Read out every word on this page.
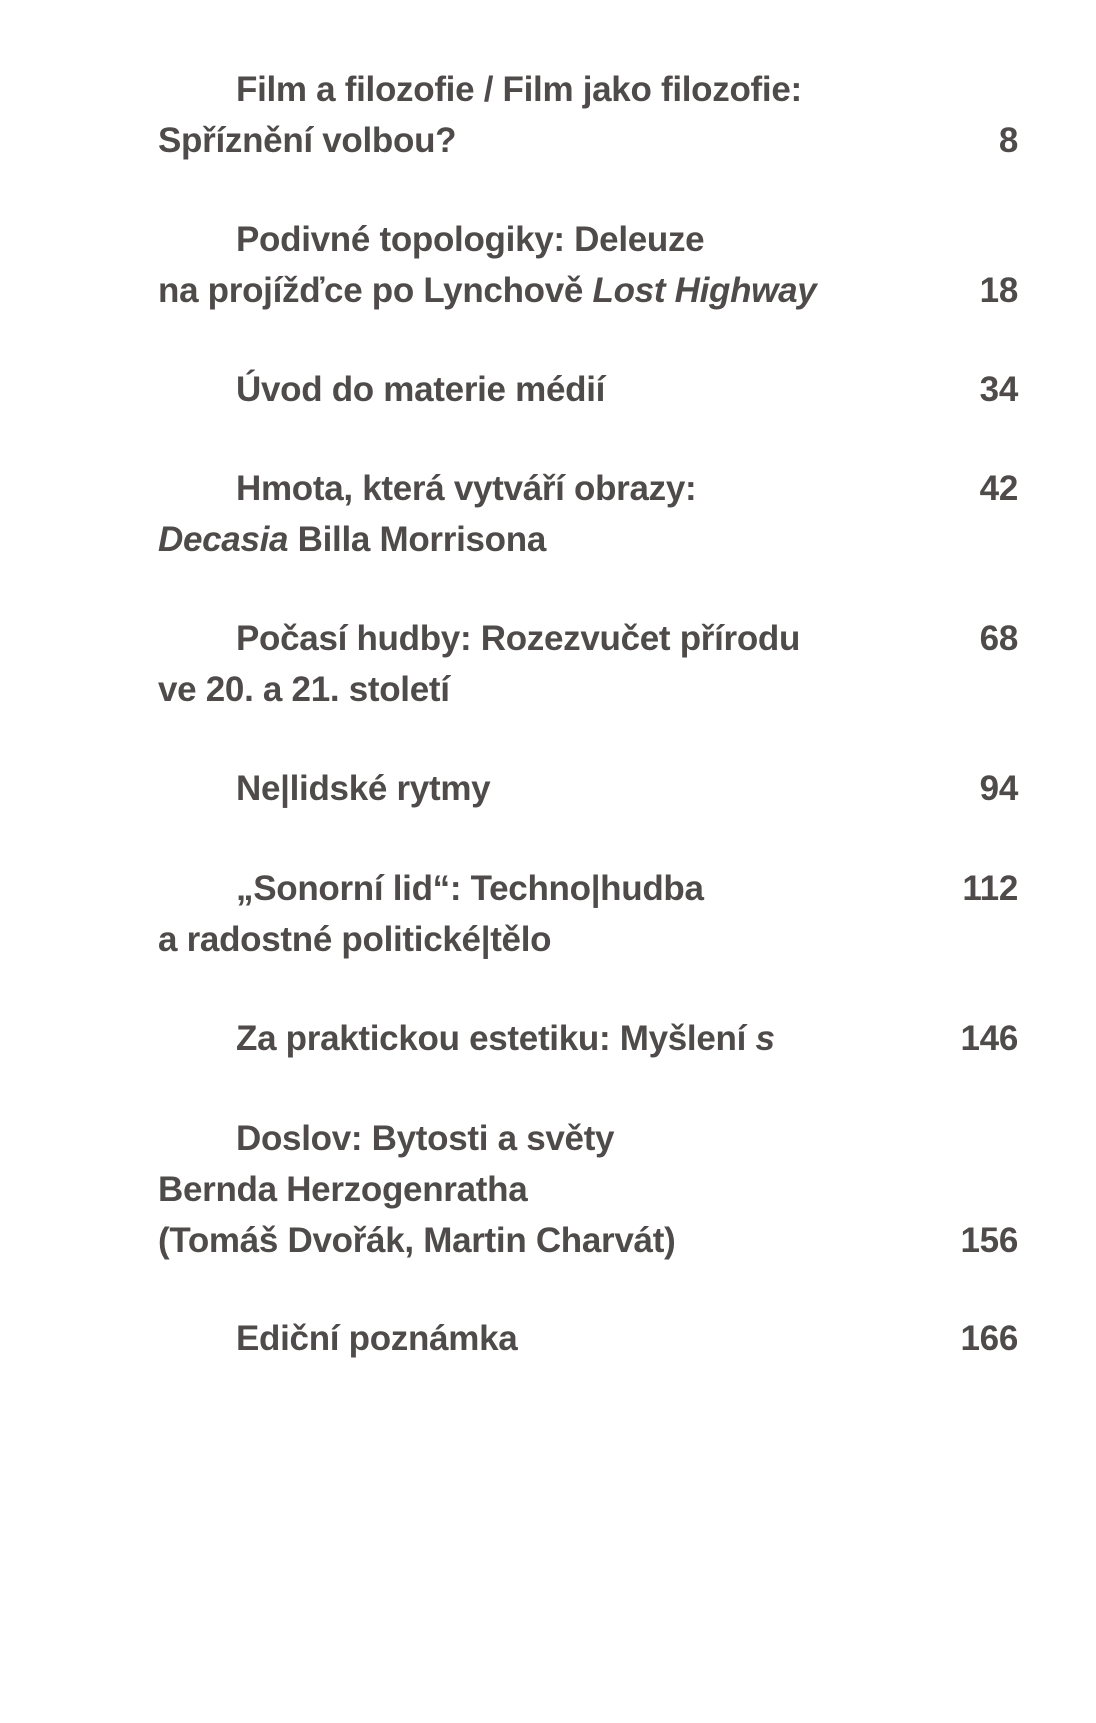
Film a filozofie / Film jako filozofie:
Spříznění volbou?	8
Podivné topologiky: Deleuze
na projížďce po Lynchově Lost Highway	18
Úvod do materie médií	34
Hmota, která vytváří obrazy:	42
Decasia Billa Morrisona
Počasí hudby: Rozezvučet přírodu	68
ve 20. a 21. století
Ne|lidské rytmy	94
„Sonorní lid“: Techno|hudba	112
a radostné politické|tělo
Za praktickou estetiku: Myšlení s	146
Doslov: Bytosti a světy
Bernda Herzogenratha
(Tomáš Dvořák, Martin Charvát)	156
Ediční poznámka	166
